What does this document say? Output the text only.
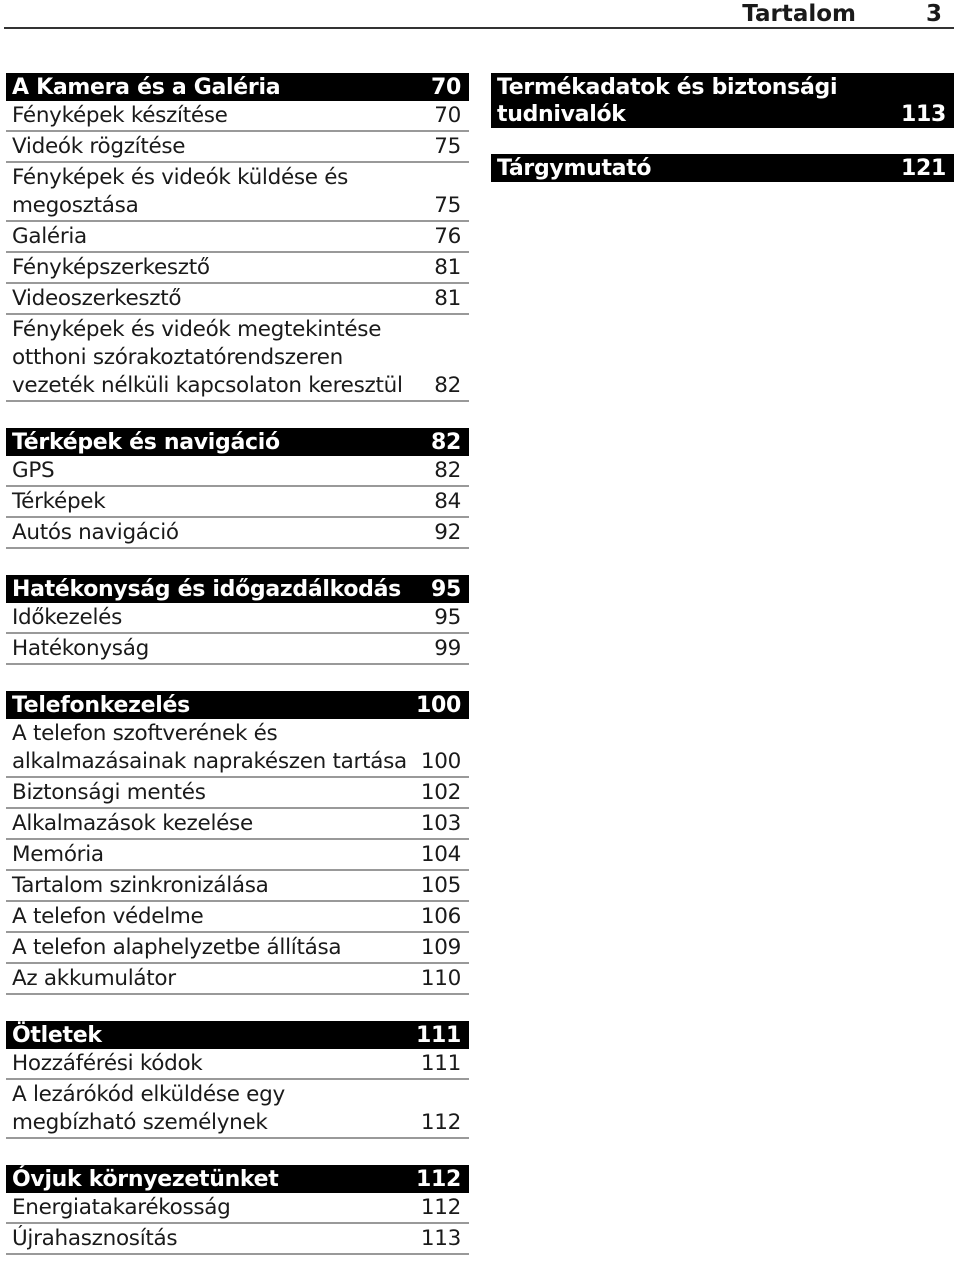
Tartalom	3
A Kamera és a Galéria	70
Fényképek készítése	70
Videók rögzítése	75
Fényképek és videók küldése és megosztása	75
Galéria	76
Fényképszerkesztő	81
Videoszerkesztő	81
Fényképek és videók megtekintése otthoni szórakoztatórendszeren vezeték nélküli kapcsolaton keresztül	82
Térképek és navigáció	82
GPS	82
Térképek	84
Autós navigáció	92
Hatékonyság és időgazdálkodás 95
Időkezelés	95
Hatékonyság	99
Telefonkezelés	100
A telefon szoftverének és alkalmazásainak naprakészen tartása 100
Biztonsági mentés	102
Alkalmazások kezelése	103
Memória	104
Tartalom szinkronizálása	105
A telefon védelme	106
A telefon alaphelyzetbe állítása	109
Az akkumulátor	110
Ötletek	111
Hozzáférési kódok	111
A lezárókód elküldése egy megbízható személynek	112
Óvjuk környezetünket	112
Energiatakarékosság	112
Újrahasznosítás	113
Termékadatok és biztonsági tudnivalók	113
Tárgymutató	121
